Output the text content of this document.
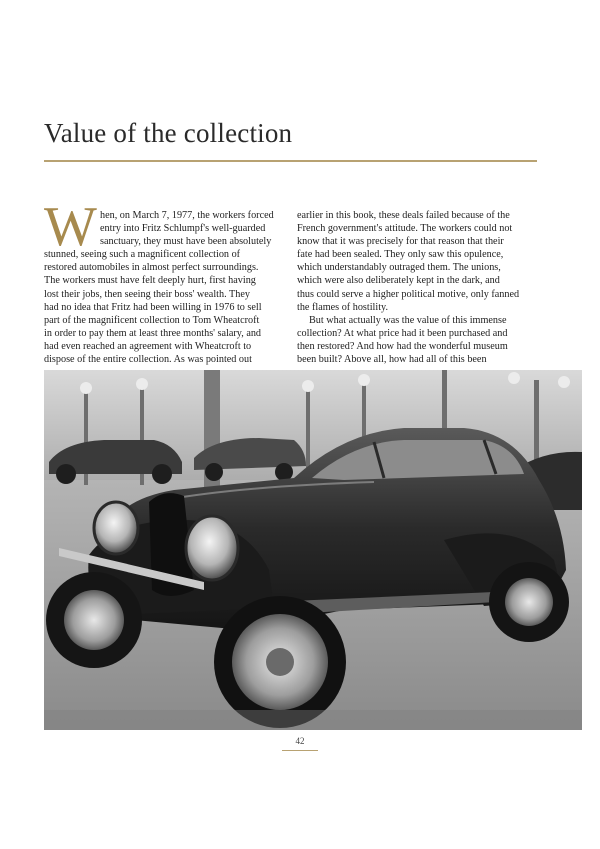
Value of the collection
W hen, on March 7, 1977, the workers forced
entry into Fritz Schlumpf's well-guarded
sanctuary, they must have been absolutely
stunned, seeing such a magnificent collection of
restored automobiles in almost perfect surroundings.
The workers must have felt deeply hurt, first having
lost their jobs, then seeing their boss' wealth. They
had no idea that Fritz had been willing in 1976 to sell
part of the magnificent collection to Tom Wheatcroft
in order to pay them at least three months' salary, and
had even reached an agreement with Wheatcroft to
dispose of the entire collection. As was pointed out
earlier in this book, these deals failed because of the
French government's attitude. The workers could not
know that it was precisely for that reason that their
fate had been sealed. They only saw this opulence,
which understandably outraged them. The unions,
which were also deliberately kept in the dark, and
thus could serve a higher political motive, only fanned
the flames of hostility.
But what actually was the value of this immense
collection? At what price had it been purchased and
then restored? And how had the wonderful museum
been built? Above all, how had all of this been
42
